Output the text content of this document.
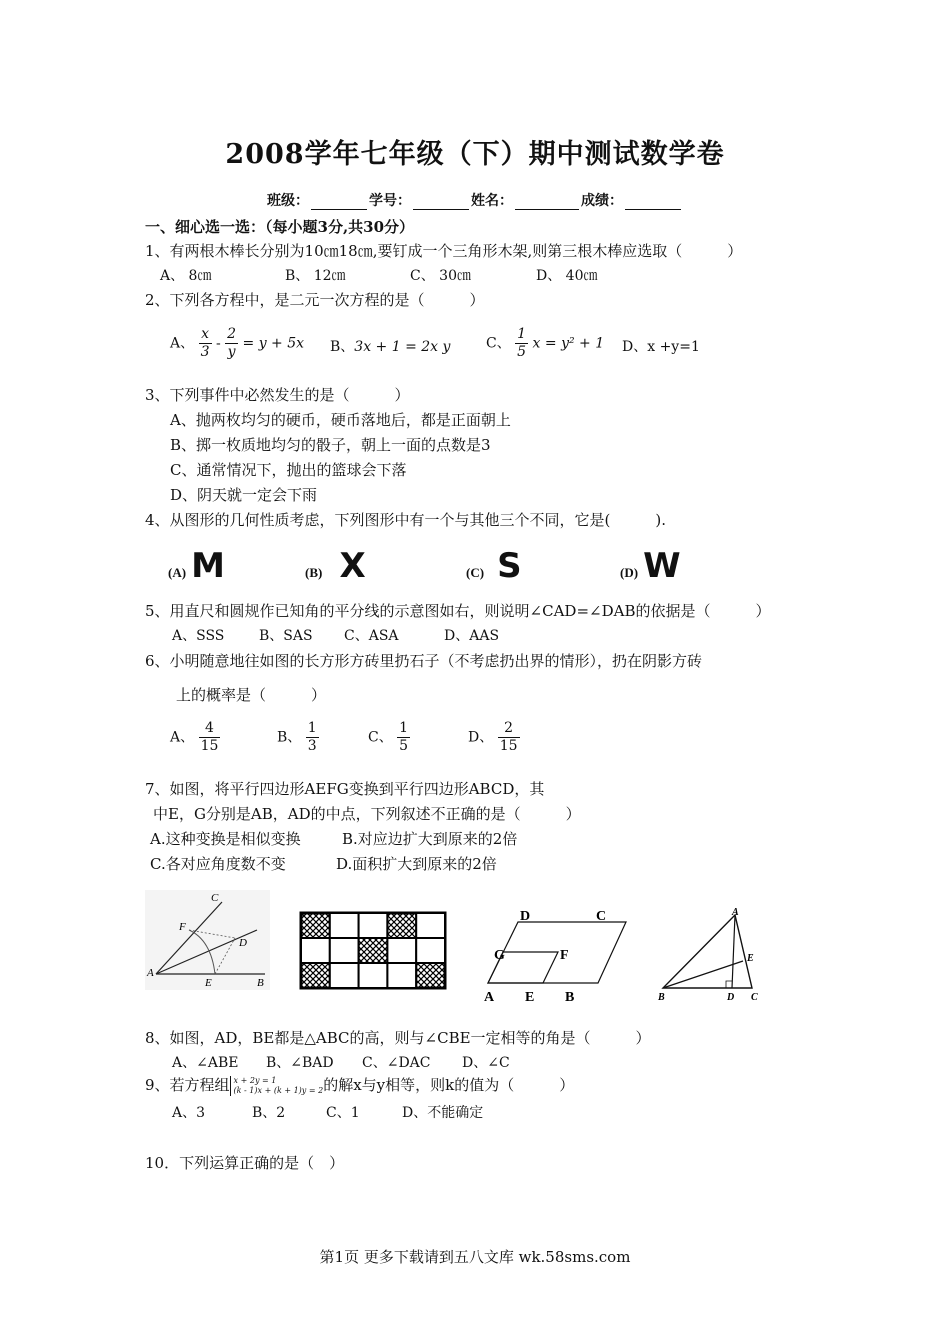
2008学年七年级（下）期中测试数学卷
班级：	学号：	姓名：	成绩：
一、细心选一选：（每小题3分,共30分）
1、有两根木棒长分别为10㎝18㎝,要钉成一个三角形木架,则第三根木棒应选取（　　　）
A、 8㎝	B、 12㎝	C、 30㎝	D、 40㎝
2、下列各方程中，是二元一次方程的是（　　　）
A、 $\frac{x}{3} - \frac{2}{y} = y + 5x$ B、3x + 1 = 2x y	C、 $\frac{1}{5}$ x = y² + 1 D、x +y=1
3、下列事件中必然发生的是（　　　）
A、抛两枚均匀的硬币，硬币落地后，都是正面朝上
B、掷一枚质地均匀的骰子，朝上一面的点数是3
C、通常情况下，抛出的篮球会下落
D、阴天就一定会下雨
4、从图形的几何性质考虑，下列图形中有一个与其他三个不同，它是(　　　).
(A) M	(B) X	(C) S	(D) W
5、用直尺和圆规作已知角的平分线的示意图如右，则说明∠CAD=∠DAB的依据是（　　　）
A、SSS B、SAS C、ASA	D、AAS
6、小明随意地往如图的长方形方砖里扔石子（不考虑扔出界的情形），扔在阴影方砖
上的概率是（　　　）
A、 $\frac{4}{15}$	B、 $\frac{1}{3}$	C、 $\frac{1}{5}$	D、 $\frac{2}{15}$
7、如图，将平行四边形AEFG变换到平行四边形ABCD，其
中E，G分别是AB，AD的中点，下列叙述不正确的是（　　　）
A.这种变换是相似变换	B.对应边扩大到原来的2倍
C.各对应角度数不变	D.面积扩大到原来的2倍
C
F
D
A
E	B
D	C
G	F
A E B
A
E
B	D C
8、如图，AD，BE都是△ABC的高，则与∠CBE一定相等的角是（　　　）
A、∠ABE B、∠BAD C、∠DAC D、∠C
9、若方程组 x + 2y = 1
(k - 1)x + (k + 1)y = 2 的解x与y相等，则k的值为（　　　）
A、3	B、2	C、1	D、不能确定
10．下列运算正确的是（　）
第1页 更多下载请到五八文库 wk.58sms.com
